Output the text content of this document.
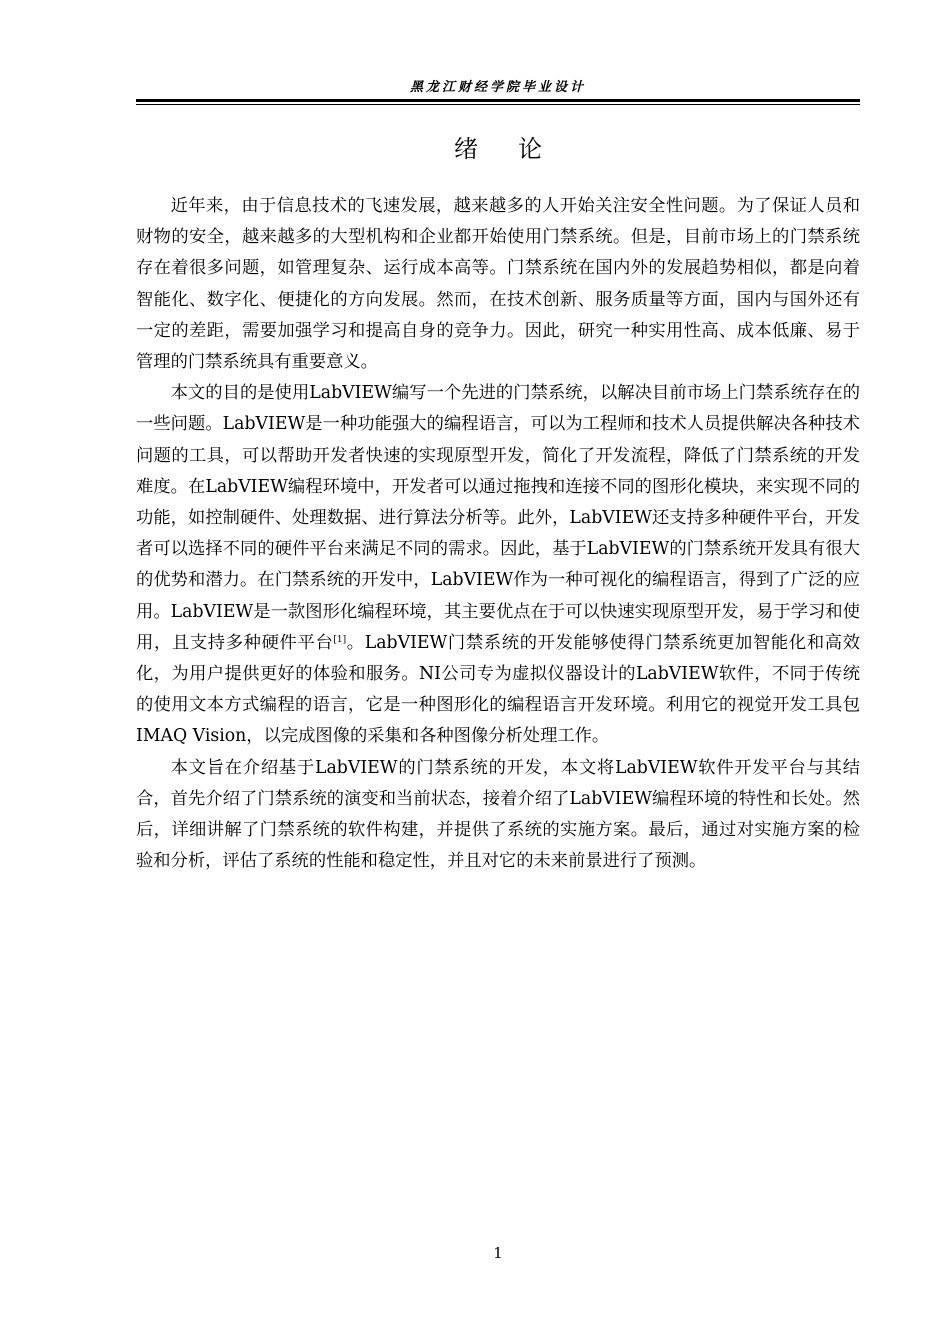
黑龙江财经学院毕业设计
绪论

近年来，由于信息技术的飞速发展，越来越多的人开始关注安全性问题。为了保证人员和财物的安全，越来越多的大型机构和企业都开始使用门禁系统。但是，目前市场上的门禁系统存在着很多问题，如管理复杂、运行成本高等。门禁系统在国内外的发展趋势相似，都是向着智能化、数字化、便捷化的方向发展。然而，在技术创新、服务质量等方面，国内与国外还有一定的差距，需要加强学习和提高自身的竞争力。因此，研究一种实用性高、成本低廉、易于管理的门禁系统具有重要意义。

本文的目的是使用LabVIEW编写一个先进的门禁系统，以解决目前市场上门禁系统存在的一些问题。LabVIEW是一种功能强大的编程语言，可以为工程师和技术人员提供解决各种技术问题的工具，可以帮助开发者快速的实现原型开发，简化了开发流程，降低了门禁系统的开发难度。在LabVIEW编程环境中，开发者可以通过拖拽和连接不同的图形化模块，来实现不同的功能，如控制硬件、处理数据、进行算法分析等。此外，LabVIEW还支持多种硬件平台，开发者可以选择不同的硬件平台来满足不同的需求。因此，基于LabVIEW的门禁系统开发具有很大的优势和潜力。在门禁系统的开发中，LabVIEW作为一种可视化的编程语言，得到了广泛的应用。LabVIEW是一款图形化编程环境，其主要优点在于可以快速实现原型开发，易于学习和使用，且支持多种硬件平台[1]。LabVIEW门禁系统的开发能够使得门禁系统更加智能化和高效化，为用户提供更好的体验和服务。NI公司专为虚拟仪器设计的LabVIEW软件，不同于传统的使用文本方式编程的语言，它是一种图形化的编程语言开发环境。利用它的视觉开发工具包IMAQ Vision，以完成图像的采集和各种图像分析处理工作。

本文旨在介绍基于LabVIEW的门禁系统的开发，本文将LabVIEW软件开发平台与其结合，首先介绍了门禁系统的演变和当前状态，接着介绍了LabVIEW编程环境的特性和长处。然后，详细讲解了门禁系统的软件构建，并提供了系统的实施方案。最后，通过对实施方案的检验和分析，评估了系统的性能和稳定性，并且对它的未来前景进行了预测。

1
